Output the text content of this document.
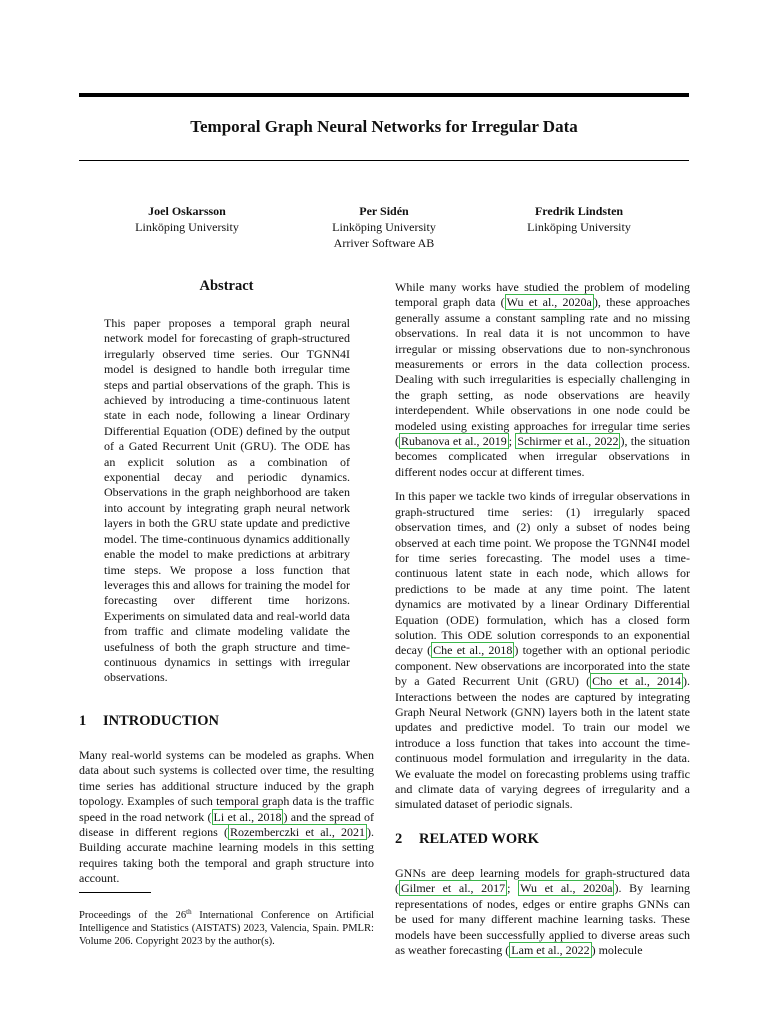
Temporal Graph Neural Networks for Irregular Data
Joel Oskarsson
Linköping University
Per Sidén
Linköping University
Arriver Software AB
Fredrik Lindsten
Linköping University
Abstract
This paper proposes a temporal graph neural network model for forecasting of graph-structured irregularly observed time series. Our TGNN4I model is designed to handle both irregular time steps and partial observations of the graph. This is achieved by introducing a time-continuous latent state in each node, following a linear Ordinary Differential Equation (ODE) defined by the output of a Gated Recurrent Unit (GRU). The ODE has an explicit solution as a combination of exponential decay and periodic dynamics. Observations in the graph neighborhood are taken into account by integrating graph neural network layers in both the GRU state update and predictive model. The time-continuous dynamics additionally enable the model to make predictions at arbitrary time steps. We propose a loss function that leverages this and allows for training the model for forecasting over different time horizons. Experiments on simulated data and real-world data from traffic and climate modeling validate the usefulness of both the graph structure and time-continuous dynamics in settings with irregular observations.
1 INTRODUCTION

Many real-world systems can be modeled as graphs. When data about such systems is collected over time, the resulting time series has additional structure induced by the graph topology. Examples of such temporal graph data is the traffic speed in the road network ( Li et al., 2018 ) and the spread of disease in different regions ( Rozemberczki et al., 2021 ). Building accurate machine learning models in this setting requires taking both the temporal and graph structure into account.

Proceedings of the 26th International Conference on Artificial Intelligence and Statistics (AISTATS) 2023, Valencia, Spain. PMLR: Volume 206. Copyright 2023 by the author(s).

While many works have studied the problem of modeling temporal graph data ( Wu et al., 2020a ), these approaches generally assume a constant sampling rate and no missing observations. In real data it is not uncommon to have irregular or missing observations due to non-synchronous measurements or errors in the data collection process. Dealing with such irregularities is especially challenging in the graph setting, as node observations are heavily interdependent. While observations in one node could be modeled using existing approaches for irregular time series ( Rubanova et al., 2019 ; Schirmer et al., 2022 ), the situation becomes complicated when irregular observations in different nodes occur at different times.

In this paper we tackle two kinds of irregular observations in graph-structured time series: (1) irregularly spaced observation times, and (2) only a subset of nodes being observed at each time point. We propose the TGNN4I model for time series forecasting. The model uses a time-continuous latent state in each node, which allows for predictions to be made at any time point. The latent dynamics are motivated by a linear Ordinary Differential Equation (ODE) formulation, which has a closed form solution. This ODE solution corresponds to an exponential decay ( Che et al., 2018 ) together with an optional periodic component. New observations are incorporated into the state by a Gated Recurrent Unit (GRU) ( Cho et al., 2014 ). Interactions between the nodes are captured by integrating Graph Neural Network (GNN) layers both in the latent state updates and predictive model. To train our model we introduce a loss function that takes into account the time-continuous model formulation and irregularity in the data. We evaluate the model on forecasting problems using traffic and climate data of varying degrees of irregularity and a simulated dataset of periodic signals.

2 RELATED WORK

GNNs are deep learning models for graph-structured data ( Gilmer et al., 2017 ; Wu et al., 2020a ). By learning representations of nodes, edges or entire graphs GNNs can be used for many different machine learning tasks. These models have been successfully applied to diverse areas such as weather forecasting ( Lam et al., 2022 ) molecule
